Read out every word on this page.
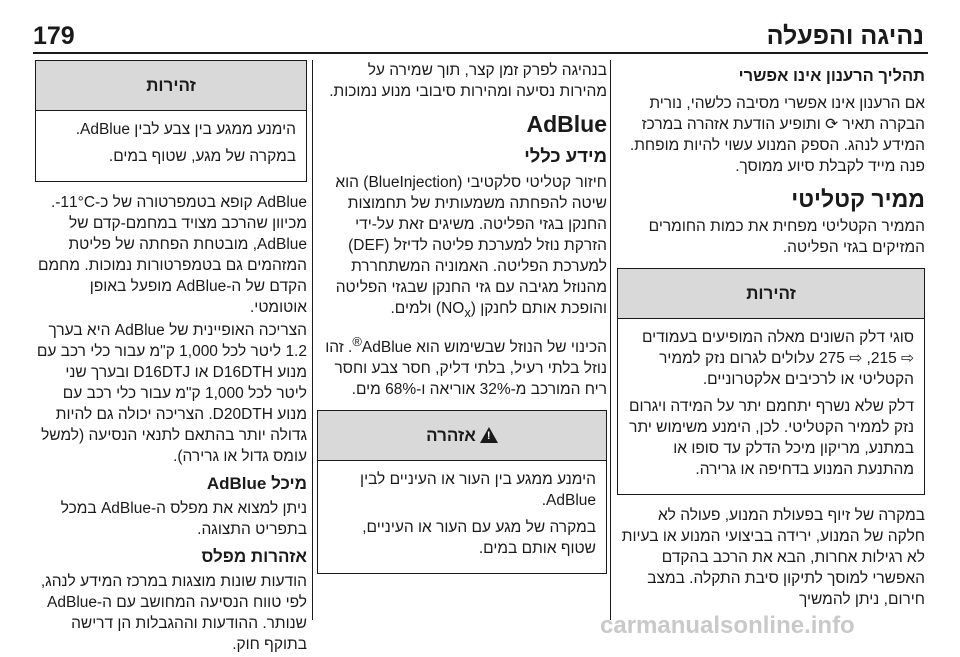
179	נהיגה והפעלה
תהליך הרענון אינו אפשרי

אם הרענון אינו אפשרי מסיבה כלשהי, נורית הבקרה תאיר ⟳ ותופיע הודעת אזהרה במרכז המידע לנהג. הספק המנוע עשוי להיות מופחת. פנה מייד לקבלת סיוע ממוסך.

ממיר קטליטי

הממיר הקטליטי מפחית את כמות החומרים המזיקים בגזי הפליטה.

זהירות

סוגי דלק השונים מאלה המופיעים בעמודים ⇨ 215, ⇨ 275 עלולים לגרום נזק לממיר הקטליטי או לרכיבים אלקטרוניים.

דלק שלא נשרף יתחמם יתר על המידה ויגרום נזק לממיר הקטליטי. לכן, הימנע משימוש יתר במתנע, מריקון מיכל הדלק עד סופו או מהתנעת המנוע בדחיפה או גרירה.

במקרה של זיוף בפעולת המנוע, פעולה לא חלקה של המנוע, ירידה בביצועי המנוע או בעיות לא רגילות אחרות, הבא את הרכב בהקדם האפשרי למוסך לתיקון סיבת התקלה. במצב חירום, ניתן להמשיך

בנהיגה לפרק זמן קצר, תוך שמירה על מהירות נסיעה ומהירות סיבובי מנוע נמוכות.

AdBlue
מידע כללי

חיזור קטליטי סלקטיבי (BlueInjection) הוא שיטה להפחתה משמעותית של תחמוצות החנקן בגזי הפליטה. משיגים זאת על-ידי הזרקת נוזל למערכת פליטה לדיזל (DEF) למערכת הפליטה. האמוניה המשתחררת מהנוזל מגיבה עם גזי החנקן שבגזי הפליטה והופכת אותם לחנקן $(NO_x)$ ולמים.

הכינוי של הנוזל שבשימוש הוא AdBlue®. זהו נוזל בלתי רעיל, בלתי דליק, חסר צבע וחסר ריח המורכב מ-32% אוריאה ו-68% מים.

!אזהרה

הימנע ממגע בין העור או העיניים לבין AdBlue.

במקרה של מגע עם העור או העיניים, שטוף אותם במים.

זהירות

הימנע ממגע בין צבע לבין AdBlue.

במקרה של מגע, שטוף במים.

AdBlue קופא בטמפרטורה של כ-11°C-. מכיוון שהרכב מצויד במחמם-קדם של AdBlue, מובטחת הפחתה של פליטת המזהמים גם בטמפרטורות נמוכות. מחמם הקדם של ה-AdBlue מופעל באופן אוטומטי.

הצריכה האופיינית של AdBlue היא בערך 1.2 ליטר לכל 1,000 ק"מ עבור כלי רכב עם מנוע D16DTH או D16DTJ ובערך שני ליטר לכל 1,000 ק"מ עבור כלי רכב עם מנוע D20DTH. הצריכה יכולה גם להיות גדולה יותר בהתאם לתנאי הנסיעה (למשל עומס גדול או גרירה).

מיכל AdBlue

ניתן למצוא את מפלס ה-AdBlue במכל בתפריט התצוגה.

אזהרות מפלס

הודעות שונות מוצגות במרכז המידע לנהג, לפי טווח הנסיעה המחושב עם ה-AdBlue שנותר. ההודעות וההגבלות הן דרישה בתוקף חוק.

carmanualsonline.info
